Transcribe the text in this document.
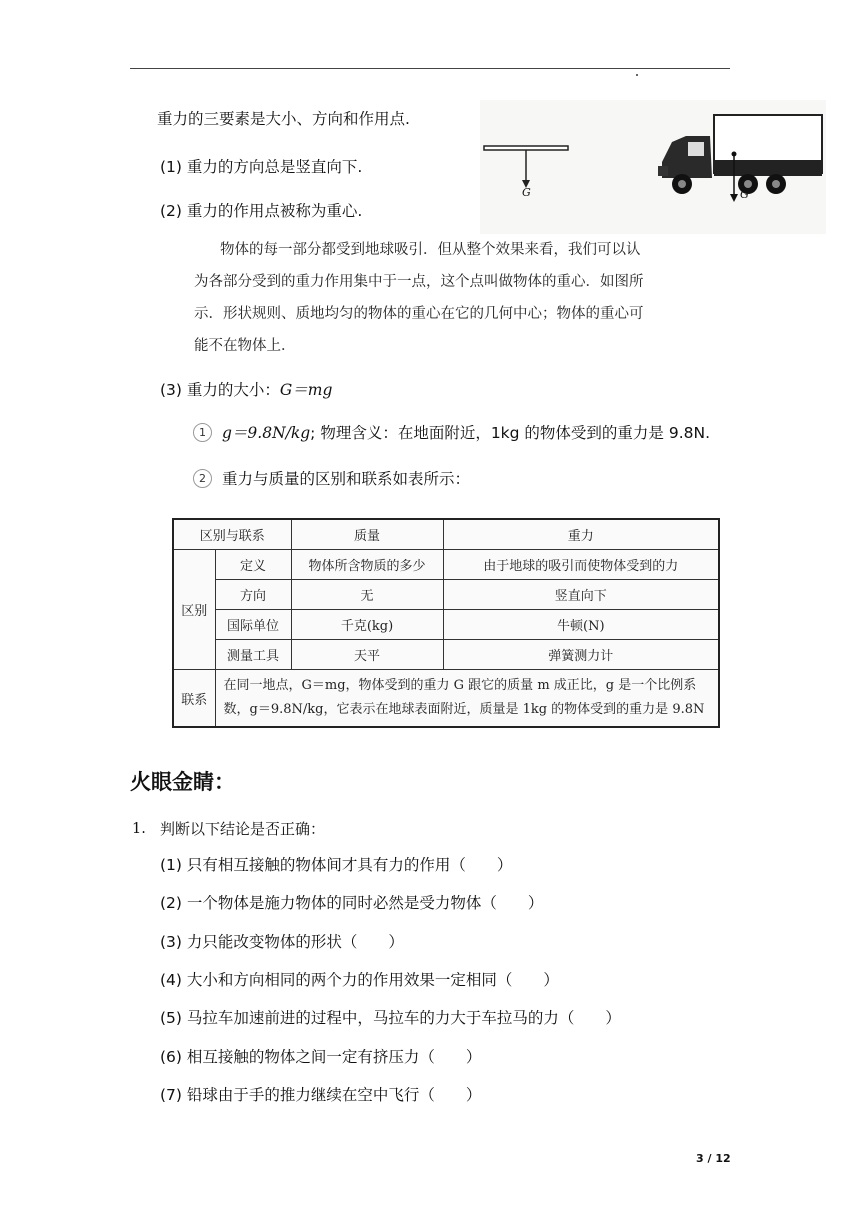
重力的三要素是大小、方向和作用点.
(1) 重力的方向总是竖直向下.
(2) 重力的作用点被称为重心.
G	G
物体的每一部分都受到地球吸引．但从整个效果来看，我们可以认
为各部分受到的重力作用集中于一点，这个点叫做物体的重心．如图所
示．形状规则、质地均匀的物体的重心在它的几何中心；物体的重心可
能不在物体上．
(3) 重力的大小：G＝mg
1 g＝9.8N/kg; 物理含义：在地面附近，1kg 的物体受到的重力是 9.8N.
2 重力与质量的区别和联系如表所示：
区别与联系		质量	重力
区别	定义	物体所含物质的多少	由于地球的吸引而使物体受到的力
	方向	无	竖直向下
	国际单位	千克(kg)	牛顿(N)
	测量工具	天平	弹簧测力计
联系	在同一地点，G＝mg，物体受到的重力 G 跟它的质量 m 成正比，g 是一个比例系数，g＝9.8N/kg，它表示在地球表面附近，质量是 1kg 的物体受到的重力是 9.8N		
火眼金睛：
1. 判断以下结论是否正确：
(1) 只有相互接触的物体间才具有力的作用（　　）
(2) 一个物体是施力物体的同时必然是受力物体（　　）
(3) 力只能改变物体的形状（　　）
(4) 大小和方向相同的两个力的作用效果一定相同（　　）
(5) 马拉车加速前进的过程中，马拉车的力大于车拉马的力（　　）
(6) 相互接触的物体之间一定有挤压力（　　）
(7) 铅球由于手的推力继续在空中飞行（　　）
3 / 12
